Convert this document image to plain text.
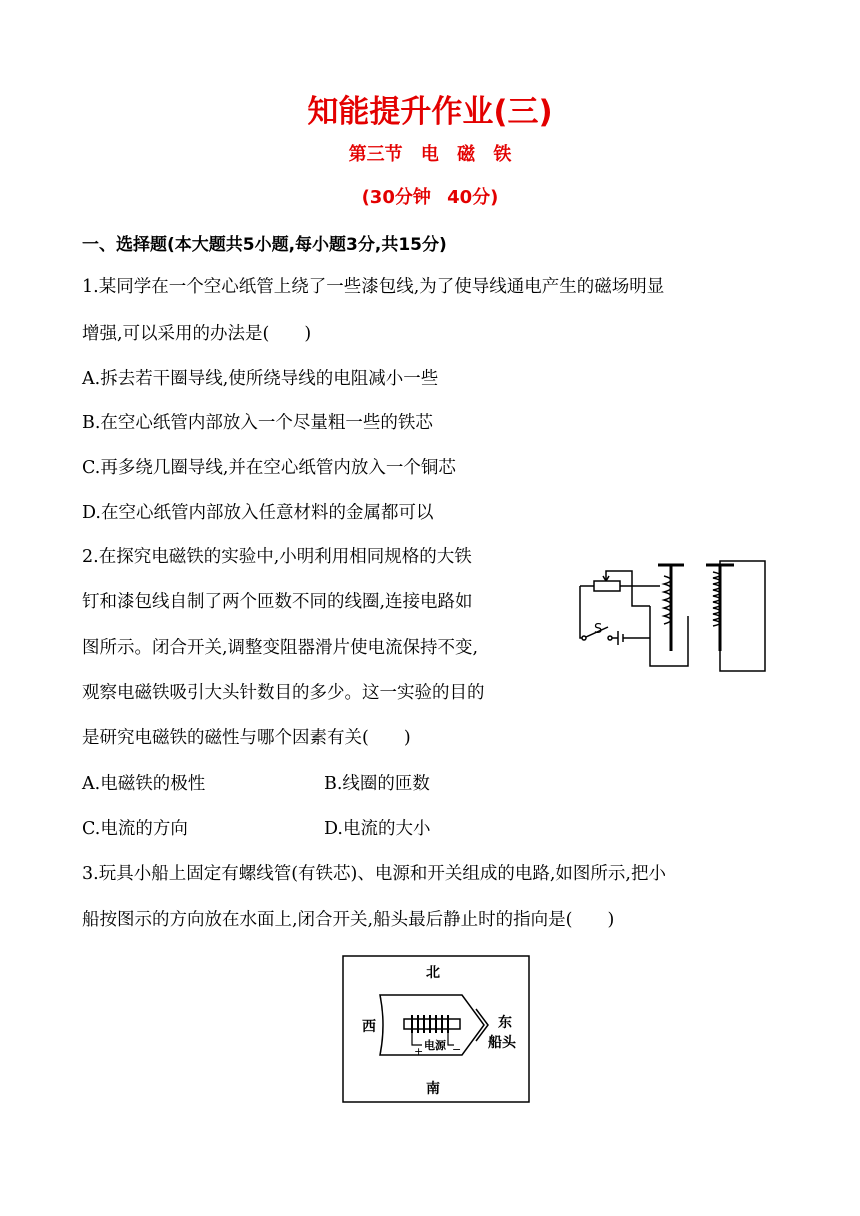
知能提升作业(三)
第三节 电 磁 铁
(30分钟 40分)
一、选择题(本大题共5小题,每小题3分,共15分)
1.某同学在一个空心纸管上绕了一些漆包线,为了使导线通电产生的磁场明显
增强,可以采用的办法是(　　)
A.拆去若干圈导线,使所绕导线的电阻减小一些
B.在空心纸管内部放入一个尽量粗一些的铁芯
C.再多绕几圈导线,并在空心纸管内放入一个铜芯
D.在空心纸管内部放入任意材料的金属都可以
2.在探究电磁铁的实验中,小明利用相同规格的大铁
钉和漆包线自制了两个匝数不同的线圈,连接电路如
图所示。闭合开关,调整变阻器滑片使电流保持不变,
观察电磁铁吸引大头针数目的多少。这一实验的目的
是研究电磁铁的磁性与哪个因素有关(　　)
A.电磁铁的极性	B.线圈的匝数
C.电流的方向	D.电流的大小
S
3.玩具小船上固定有螺线管(有铁芯)、电源和开关组成的电路,如图所示,把小
船按图示的方向放在水面上,闭合开关,船头最后静止时的指向是(　　)
北
南
西	东
船头
电源
+	−
